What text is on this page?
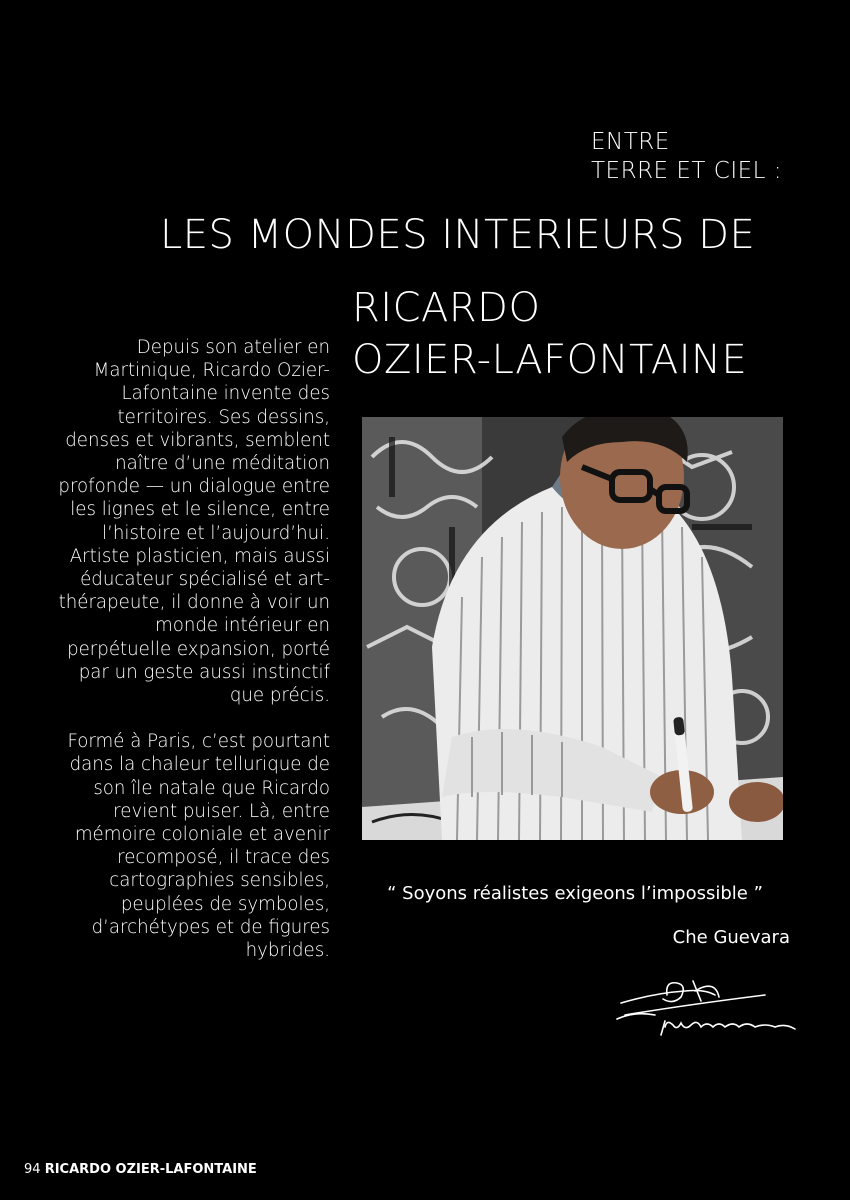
ENTRE
TERRE ET CIEL :
LES MONDES INTERIEURS DE
RICARDO
OZIER-LAFONTAINE

Depuis son atelier en Martinique, Ricardo Ozier-Lafontaine invente des territoires. Ses dessins, denses et vibrants, semblent naître d’une méditation profonde — un dialogue entre les lignes et le silence, entre l’histoire et l’aujourd’hui. Artiste plasticien, mais aussi éducateur spécialisé et art-thérapeute, il donne à voir un monde intérieur en perpétuelle expansion, porté par un geste aussi instinctif que précis.

Formé à Paris, c’est pourtant dans la chaleur tellurique de son île natale que Ricardo revient puiser. Là, entre mémoire coloniale et avenir recomposé, il trace des cartographies sensibles, peuplées de symboles, d’archétypes et de figures hybrides.

“ Soyons réalistes exigeons l’impossible ”
Che Guevara
94 RICARDO OZIER-LAFONTAINE
